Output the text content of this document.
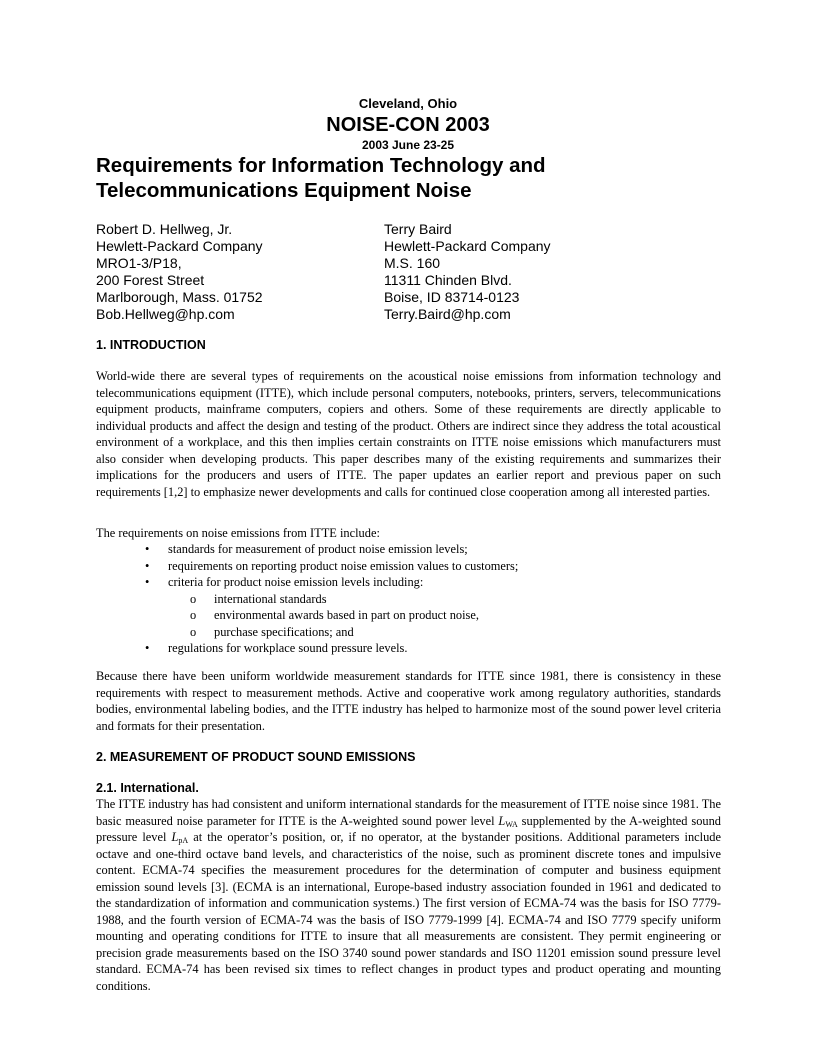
Cleveland, Ohio
NOISE-CON 2003
2003 June 23-25
Requirements for Information Technology and Telecommunications Equipment Noise
Robert D. Hellweg, Jr.
Hewlett-Packard Company
MRO1-3/P18,
200 Forest Street
Marlborough, Mass. 01752
Bob.Hellweg@hp.com
Terry Baird
Hewlett-Packard Company
M.S. 160
11311 Chinden Blvd.
Boise, ID 83714-0123
Terry.Baird@hp.com
1. INTRODUCTION

World-wide there are several types of requirements on the acoustical noise emissions from information technology and telecommunications equipment (ITTE), which include personal computers, notebooks, printers, servers, telecommunications equipment products, mainframe computers, copiers and others. Some of these requirements are directly applicable to individual products and affect the design and testing of the product. Others are indirect since they address the total acoustical environment of a workplace, and this then implies certain constraints on ITTE noise emissions which manufacturers must also consider when developing products. This paper describes many of the existing requirements and summarizes their implications for the producers and users of ITTE. The paper updates an earlier report and previous paper on such requirements [1,2] to emphasize newer developments and calls for continued close cooperation among all interested parties.

The requirements on noise emissions from ITTE include:

• standards for measurement of product noise emission levels;
• requirements on reporting product noise emission values to customers;
• criteria for product noise emission levels including:
o international standards
o environmental awards based in part on product noise,
o purchase specifications; and
• regulations for workplace sound pressure levels.

Because there have been uniform worldwide measurement standards for ITTE since 1981, there is consistency in these requirements with respect to measurement methods. Active and cooperative work among regulatory authorities, standards bodies, environmental labeling bodies, and the ITTE industry has helped to harmonize most of the sound power level criteria and formats for their presentation.

2. MEASUREMENT OF PRODUCT SOUND EMISSIONS
2.1. International.

The ITTE industry has had consistent and uniform international standards for the measurement of ITTE noise since 1981. The basic measured noise parameter for ITTE is the A-weighted sound power level $L_{WA}$ supplemented by the A-weighted sound pressure level $L_{pA}$ at the operator’s position, or, if no operator, at the bystander positions. Additional parameters include octave and one-third octave band levels, and characteristics of the noise, such as prominent discrete tones and impulsive content. ECMA-74 specifies the measurement procedures for the determination of computer and business equipment emission sound levels [3]. (ECMA is an international, Europe-based industry association founded in 1961 and dedicated to the standardization of information and communication systems.) The first version of ECMA-74 was the basis for ISO 7779-1988, and the fourth version of ECMA-74 was the basis of ISO 7779-1999 [4]. ECMA-74 and ISO 7779 specify uniform mounting and operating conditions for ITTE to insure that all measurements are consistent. They permit engineering or precision grade measurements based on the ISO 3740 sound power standards and ISO 11201 emission sound pressure level standard. ECMA-74 has been revised six times to reflect changes in product types and product operating and mounting conditions.
